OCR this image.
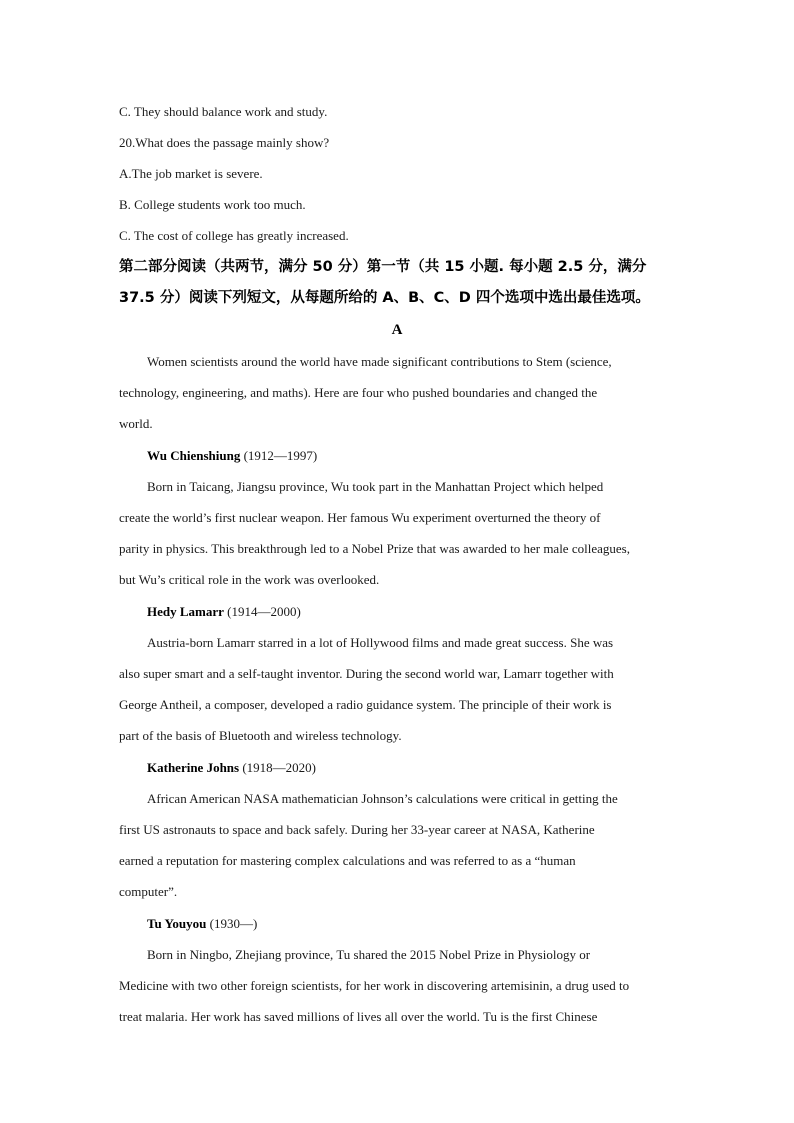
C. They should balance work and study.
20.What does the passage mainly show?
A.The job market is severe.
B. College students work too much.
C. The cost of college has greatly increased.
第二部分阅读（共两节，满分 50 分）第一节（共 15 小题. 每小题 2.5 分，满分
37.5 分）阅读下列短文，从每题所给的 A、B、C、D 四个选项中选出最佳选项。
A
Women scientists around the world have made significant contributions to Stem (science,
technology, engineering, and maths). Here are four who pushed boundaries and changed the
world.
Wu Chienshiung (1912—1997)
Born in Taicang, Jiangsu province, Wu took part in the Manhattan Project which helped
create the world’s first nuclear weapon. Her famous Wu experiment overturned the theory of
parity in physics. This breakthrough led to a Nobel Prize that was awarded to her male colleagues,
but Wu’s critical role in the work was overlooked.
Hedy Lamarr (1914—2000)
Austria-born Lamarr starred in a lot of Hollywood films and made great success. She was
also super smart and a self-taught inventor. During the second world war, Lamarr together with
George Antheil, a composer, developed a radio guidance system. The principle of their work is
part of the basis of Bluetooth and wireless technology.
Katherine Johns (1918—2020)
African American NASA mathematician Johnson’s calculations were critical in getting the
first US astronauts to space and back safely. During her 33-year career at NASA, Katherine
earned a reputation for mastering complex calculations and was referred to as a “human
computer”.
Tu Youyou (1930—)
Born in Ningbo, Zhejiang province, Tu shared the 2015 Nobel Prize in Physiology or
Medicine with two other foreign scientists, for her work in discovering artemisinin, a drug used to
treat malaria. Her work has saved millions of lives all over the world. Tu is the first Chinese
